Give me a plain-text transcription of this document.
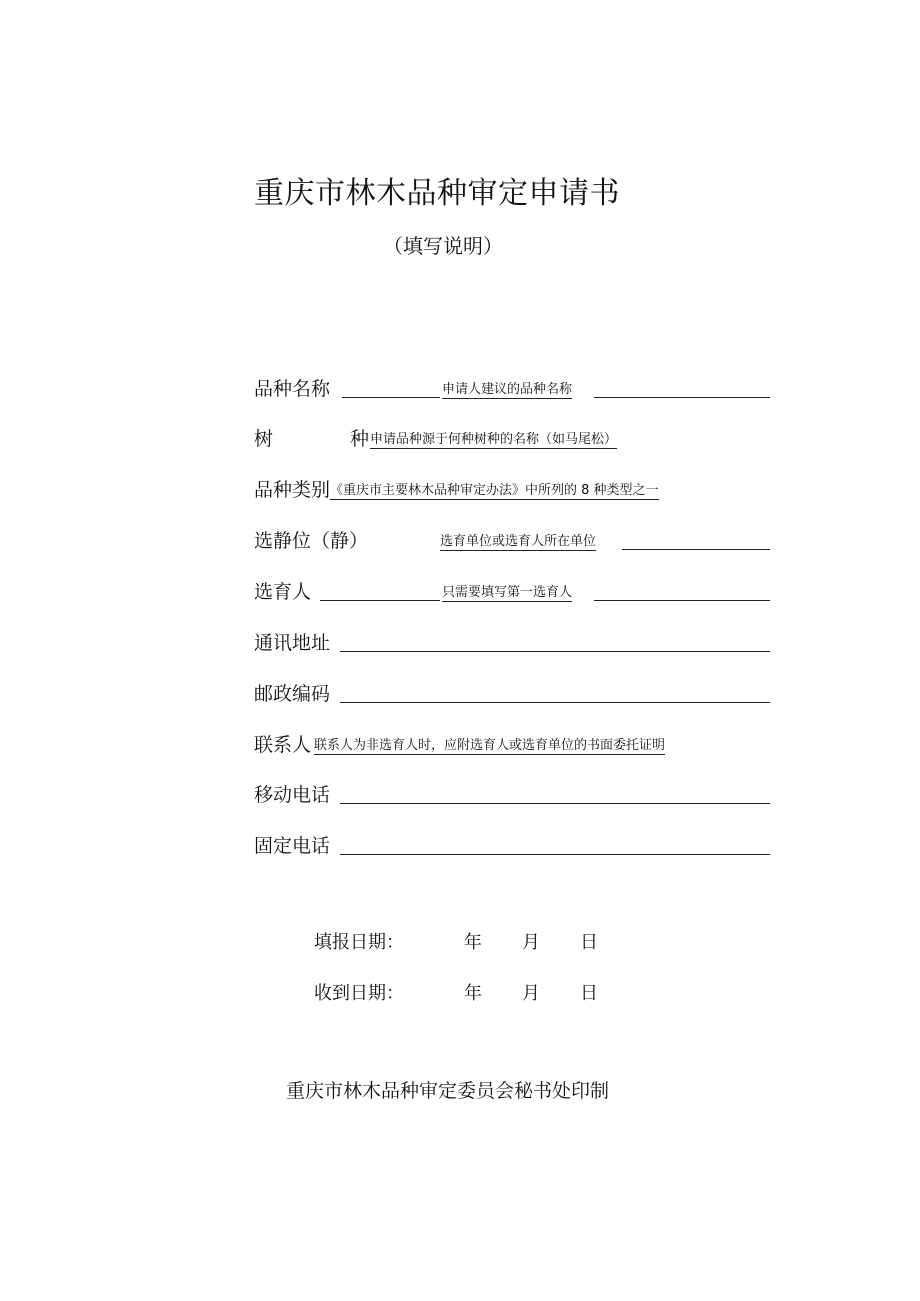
重庆市林木品种审定申请书
（填写说明）
品种名称	申请人建议的品种名称
树	种 申请品种源于何种树种的名称（如马尾松）
品种类别 《重庆市主要林木品种审定办法》中所列的 8 种类型之一
选静位（静）	选育单位或选育人所在单位
选育人	只需要填写第一选育人
通讯地址
邮政编码
联系人 联系人为非选育人时，应附选育人或选育单位的书面委托证明
移动电话
固定电话
填报日期：	年 月 日
收到日期：	年 月 日
重庆市林木品种审定委员会秘书处印制
